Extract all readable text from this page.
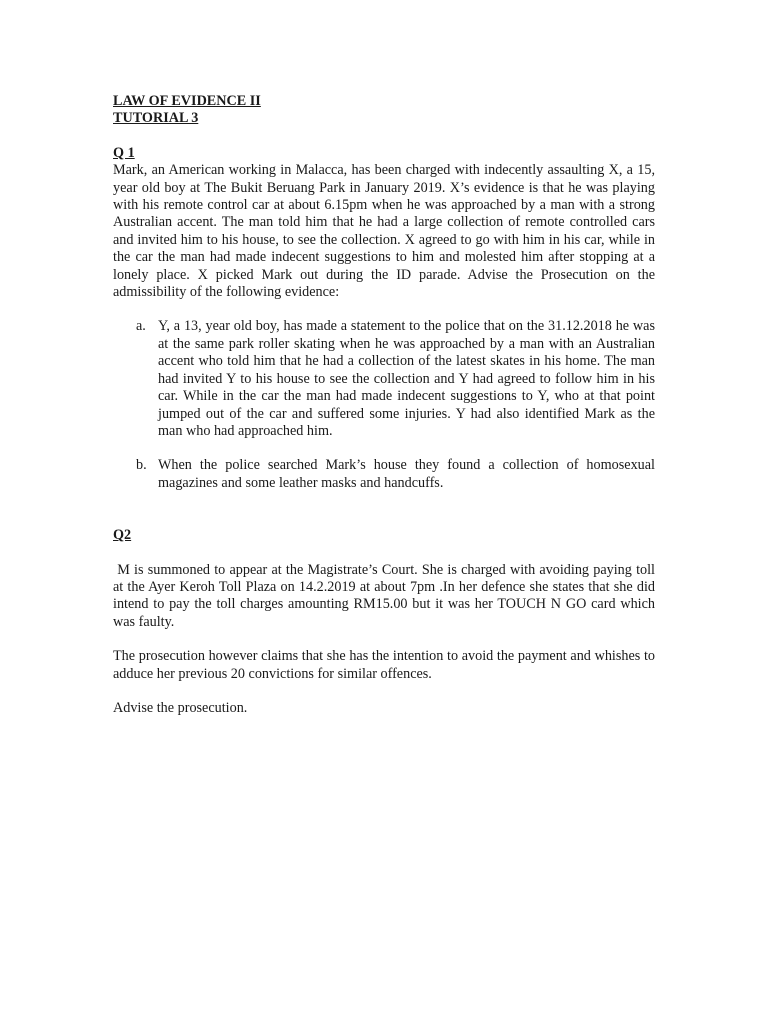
LAW OF EVIDENCE II

TUTORIAL 3

Q 1

Mark, an American working in Malacca, has been charged with indecently assaulting X, a 15, year old boy at The Bukit Beruang Park in January 2019. X’s evidence is that he was playing with his remote control car at about 6.15pm when he was approached by a man with a strong Australian accent. The man told him that he had a large collection of remote controlled cars and invited him to his house, to see the collection. X agreed to go with him in his car, while in the car the man had made indecent suggestions to him and molested him after stopping at a lonely place. X picked Mark out during the ID parade. Advise the Prosecution on the admissibility of the following evidence:

a. Y, a 13, year old boy, has made a statement to the police that on the 31.12.2018 he was at the same park roller skating when he was approached by a man with an Australian accent who told him that he had a collection of the latest skates in his home. The man had invited Y to his house to see the collection and Y had agreed to follow him in his car. While in the car the man had made indecent suggestions to Y, who at that point jumped out of the car and suffered some injuries. Y had also identified Mark as the man who had approached him.
b. When the police searched Mark’s house they found a collection of homosexual magazines and some leather masks and handcuffs.

Q2

M is summoned to appear at the Magistrate’s Court. She is charged with avoiding paying toll at the Ayer Keroh Toll Plaza on 14.2.2019 at about 7pm .In her defence she states that she did intend to pay the toll charges amounting RM15.00 but it was her TOUCH N GO card which was faulty.

The prosecution however claims that she has the intention to avoid the payment and whishes to adduce her previous 20 convictions for similar offences.

Advise the prosecution.
